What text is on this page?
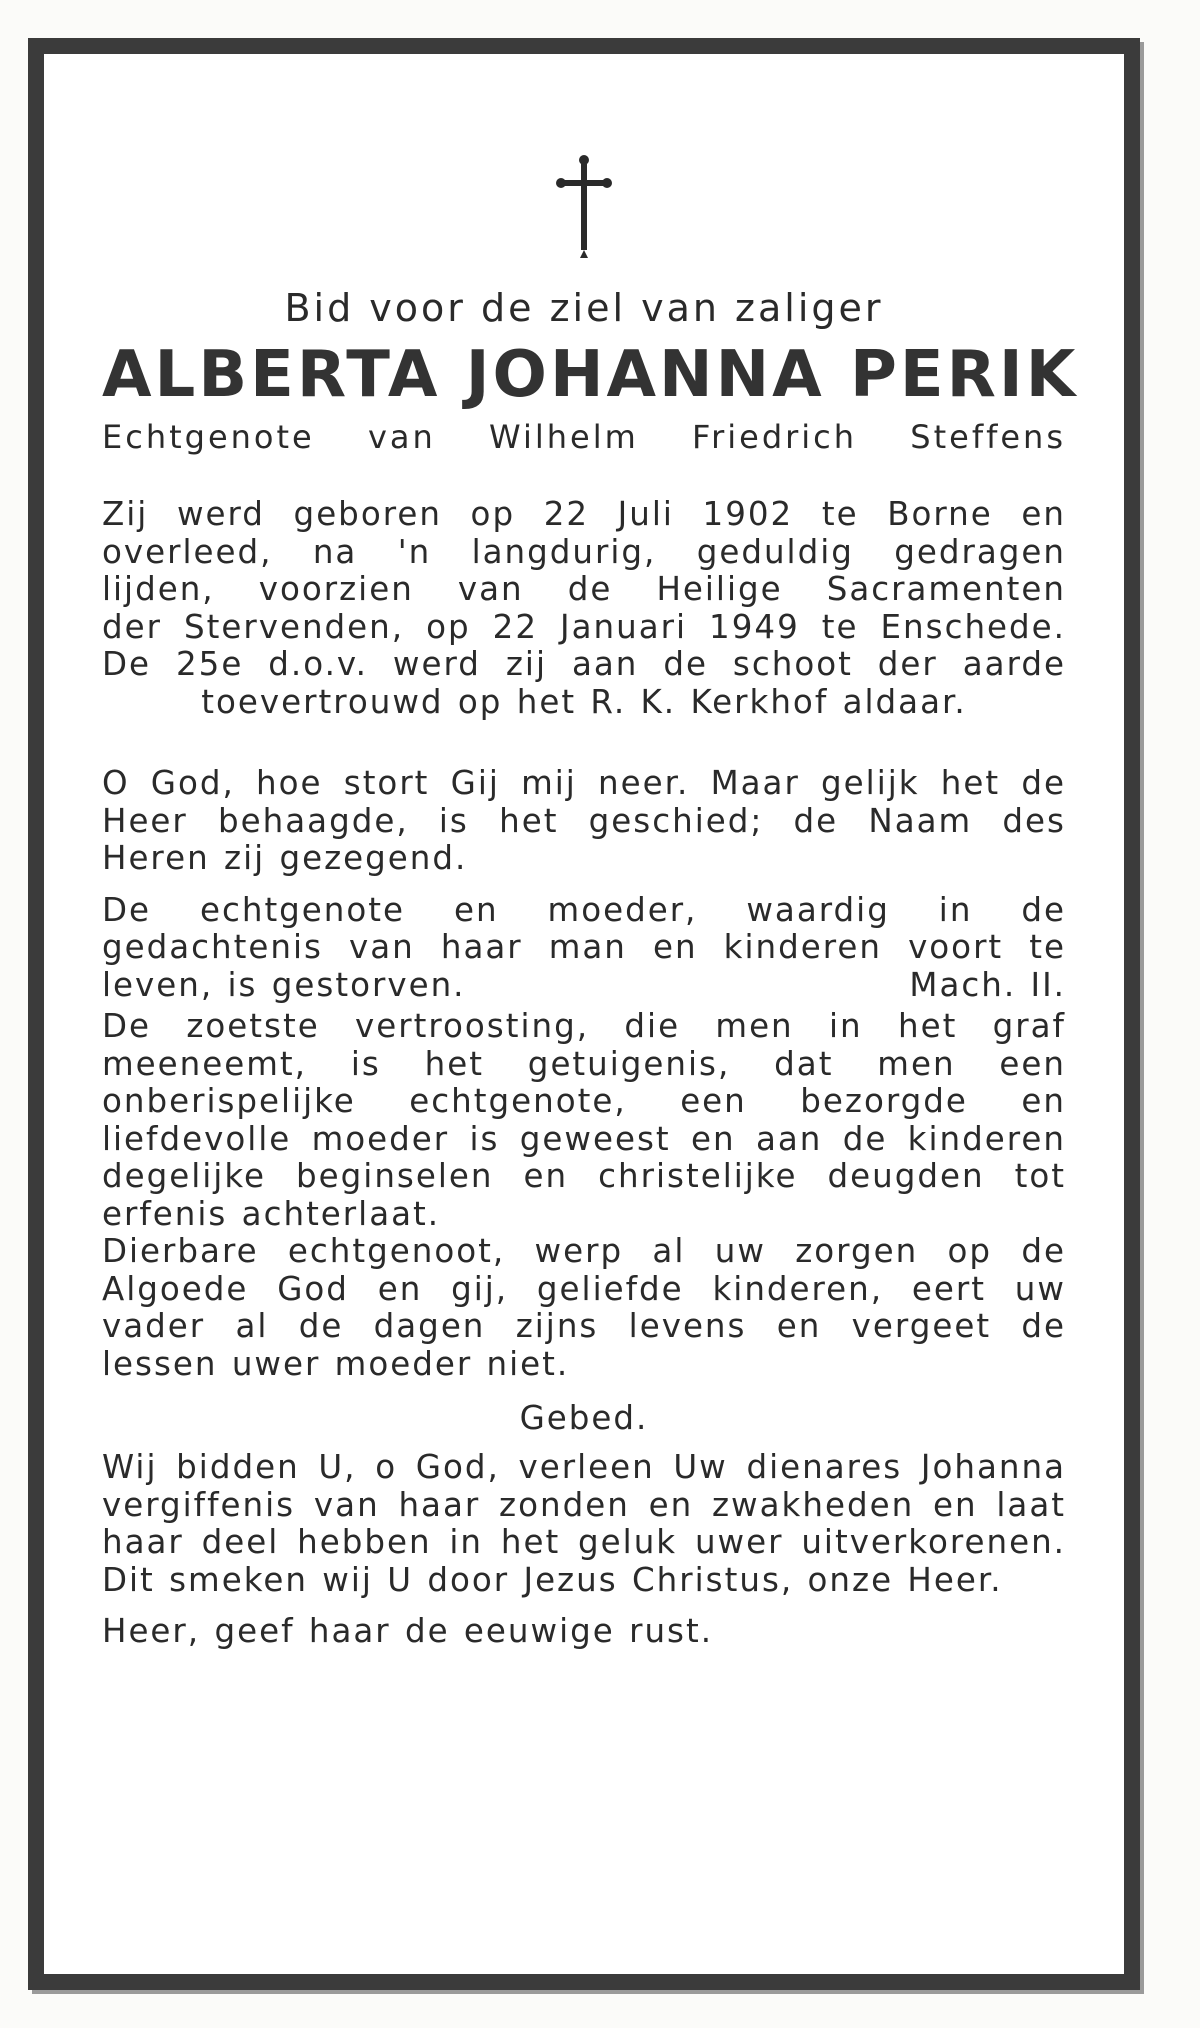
Bid voor de ziel van zaliger
ALBERTA JOHANNA PERIK
Echtgenote van Wilhelm Friedrich Steffens

Zij werd geboren op 22 Juli 1902 te Borne en

overleed, na 'n langdurig, geduldig gedragen

lijden, voorzien van de Heilige Sacramenten

der Stervenden, op 22 Januari 1949 te Enschede.

De 25e d.o.v. werd zij aan de schoot der aarde

toevertrouwd op het R. K. Kerkhof aldaar.

O God, hoe stort Gij mij neer. Maar gelijk het de Heer behaagde, is het geschied; de Naam des Heren zij gezegend.

De echtgenote en moeder, waardig in de gedachtenis van haar man en kinderen voort te

leven, is gestorven.	Mach. II.

De zoetste vertroosting, die men in het graf meeneemt, is het getuigenis, dat men een onberispelijke echtgenote, een bezorgde en liefdevolle moeder is geweest en aan de kinderen degelijke beginselen en christelijke deugden tot erfenis achterlaat.

Dierbare echtgenoot, werp al uw zorgen op de Algoede God en gij, geliefde kinderen, eert uw vader al de dagen zijns levens en vergeet de lessen uwer moeder niet.

Gebed.

Wij bidden U, o God, verleen Uw dienares Johanna vergiffenis van haar zonden en zwakheden en laat haar deel hebben in het geluk uwer uitverkorenen. Dit smeken wij U door Jezus Christus, onze Heer.

Heer, geef haar de eeuwige rust.
